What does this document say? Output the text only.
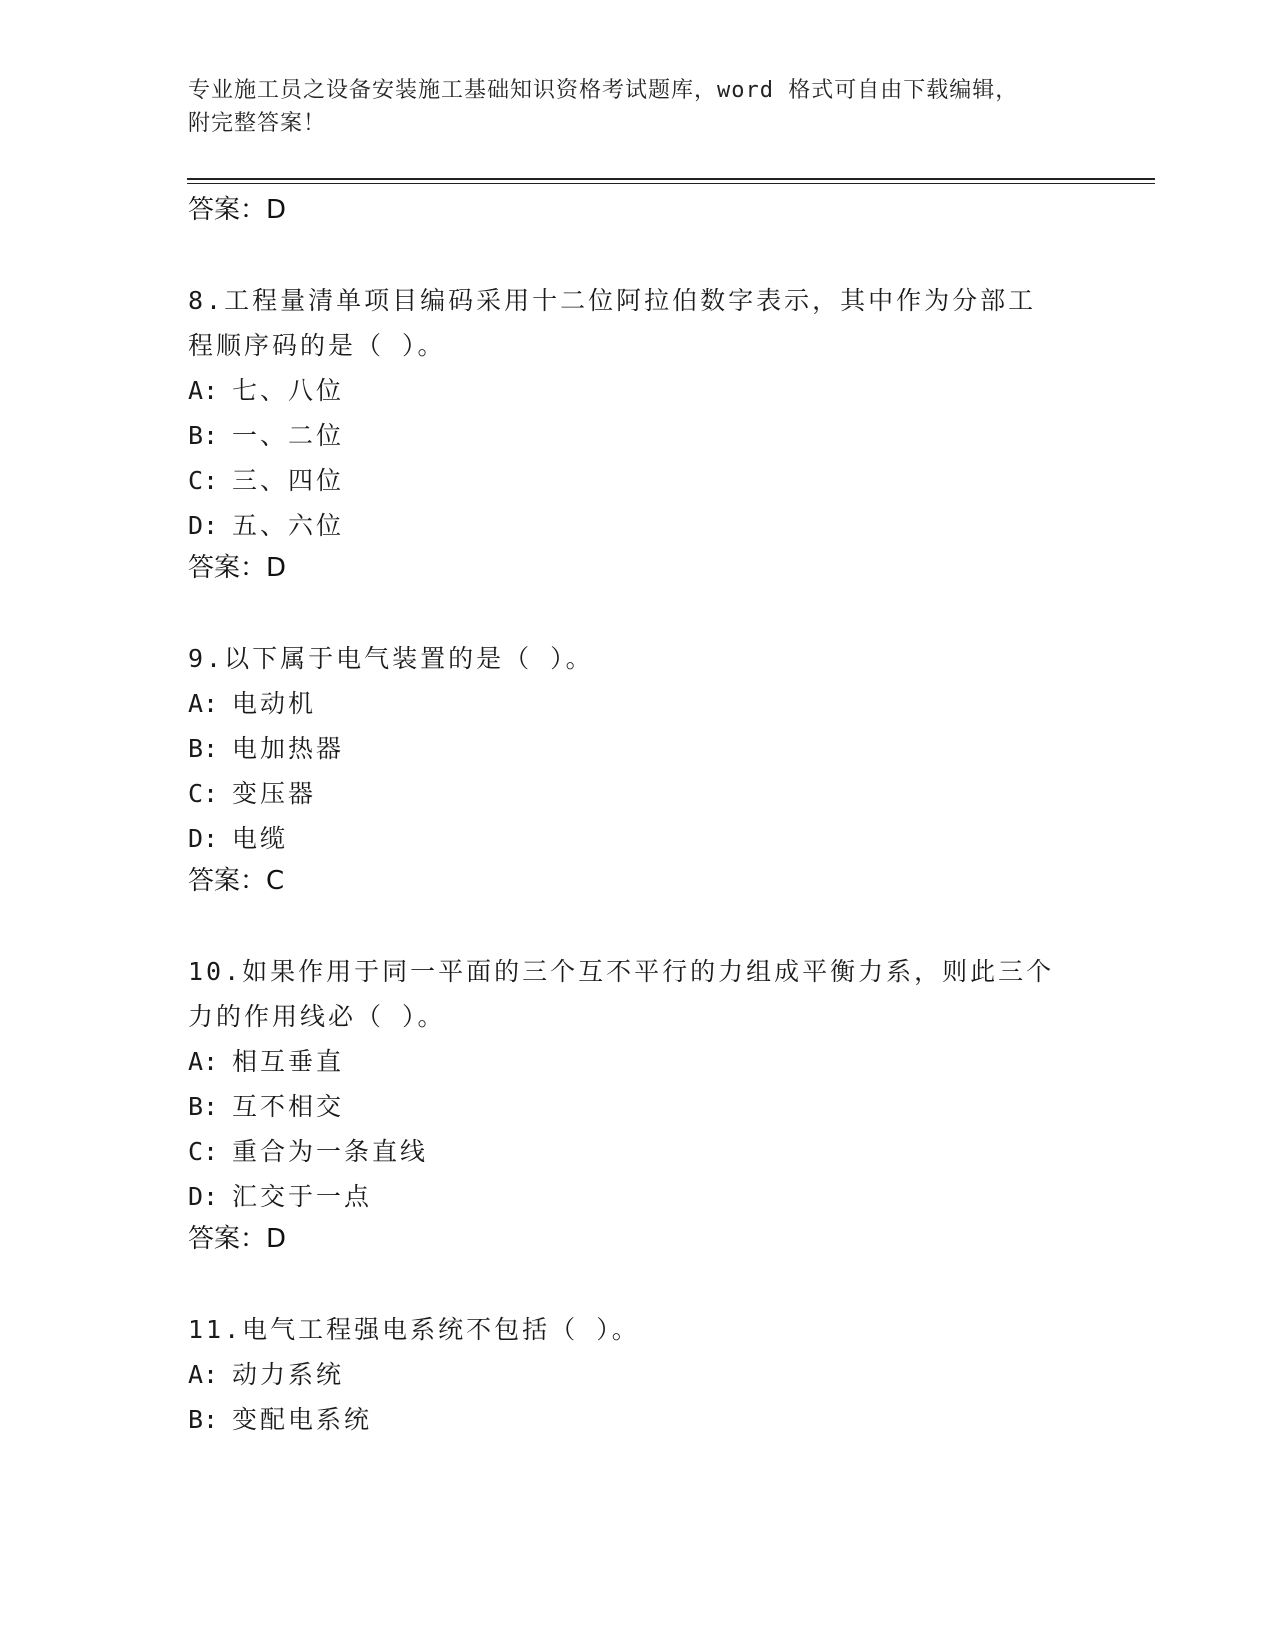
专业施工员之设备安装施工基础知识资格考试题库，word 格式可自由下载编辑，
附完整答案！
答案：D
8.工程量清单项目编码采用十二位阿拉伯数字表示，其中作为分部工
程顺序码的是（ ）。
A: 七、八位
B: 一、二位
C: 三、四位
D: 五、六位
答案：D
9.以下属于电气装置的是（ ）。
A: 电动机
B: 电加热器
C: 变压器
D: 电缆
答案：C
10.如果作用于同一平面的三个互不平行的力组成平衡力系，则此三个
力的作用线必（ ）。
A: 相互垂直
B: 互不相交
C: 重合为一条直线
D: 汇交于一点
答案：D
11.电气工程强电系统不包括（ ）。
A: 动力系统
B: 变配电系统
